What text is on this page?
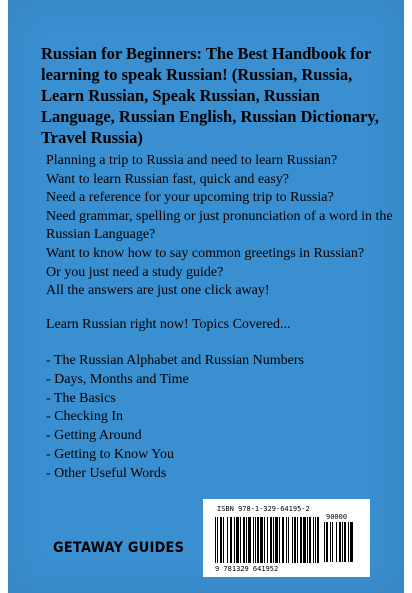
Russian for Beginners: The Best Handbook for learning to speak Russian! (Russian, Russia, Learn Russian, Speak Russian, Russian Language, Russian English, Russian Dictionary, Travel Russia)
Planning a trip to Russia and need to learn Russian?
Want to learn Russian fast, quick and easy?
Need a reference for your upcoming trip to Russia?
Need grammar, spelling or just pronunciation of a word in the Russian Language?
Want to know how to say common greetings in Russian?
Or you just need a study guide?
All the answers are just one click away!
Learn Russian right now! Topics Covered...
- The Russian Alphabet and Russian Numbers
- Days, Months and Time
- The Basics
- Checking In
- Getting Around
- Getting to Know You
- Other Useful Words
GETAWAY GUIDES
ISBN 978-1-329-64195-2
90000
9 781329 641952
